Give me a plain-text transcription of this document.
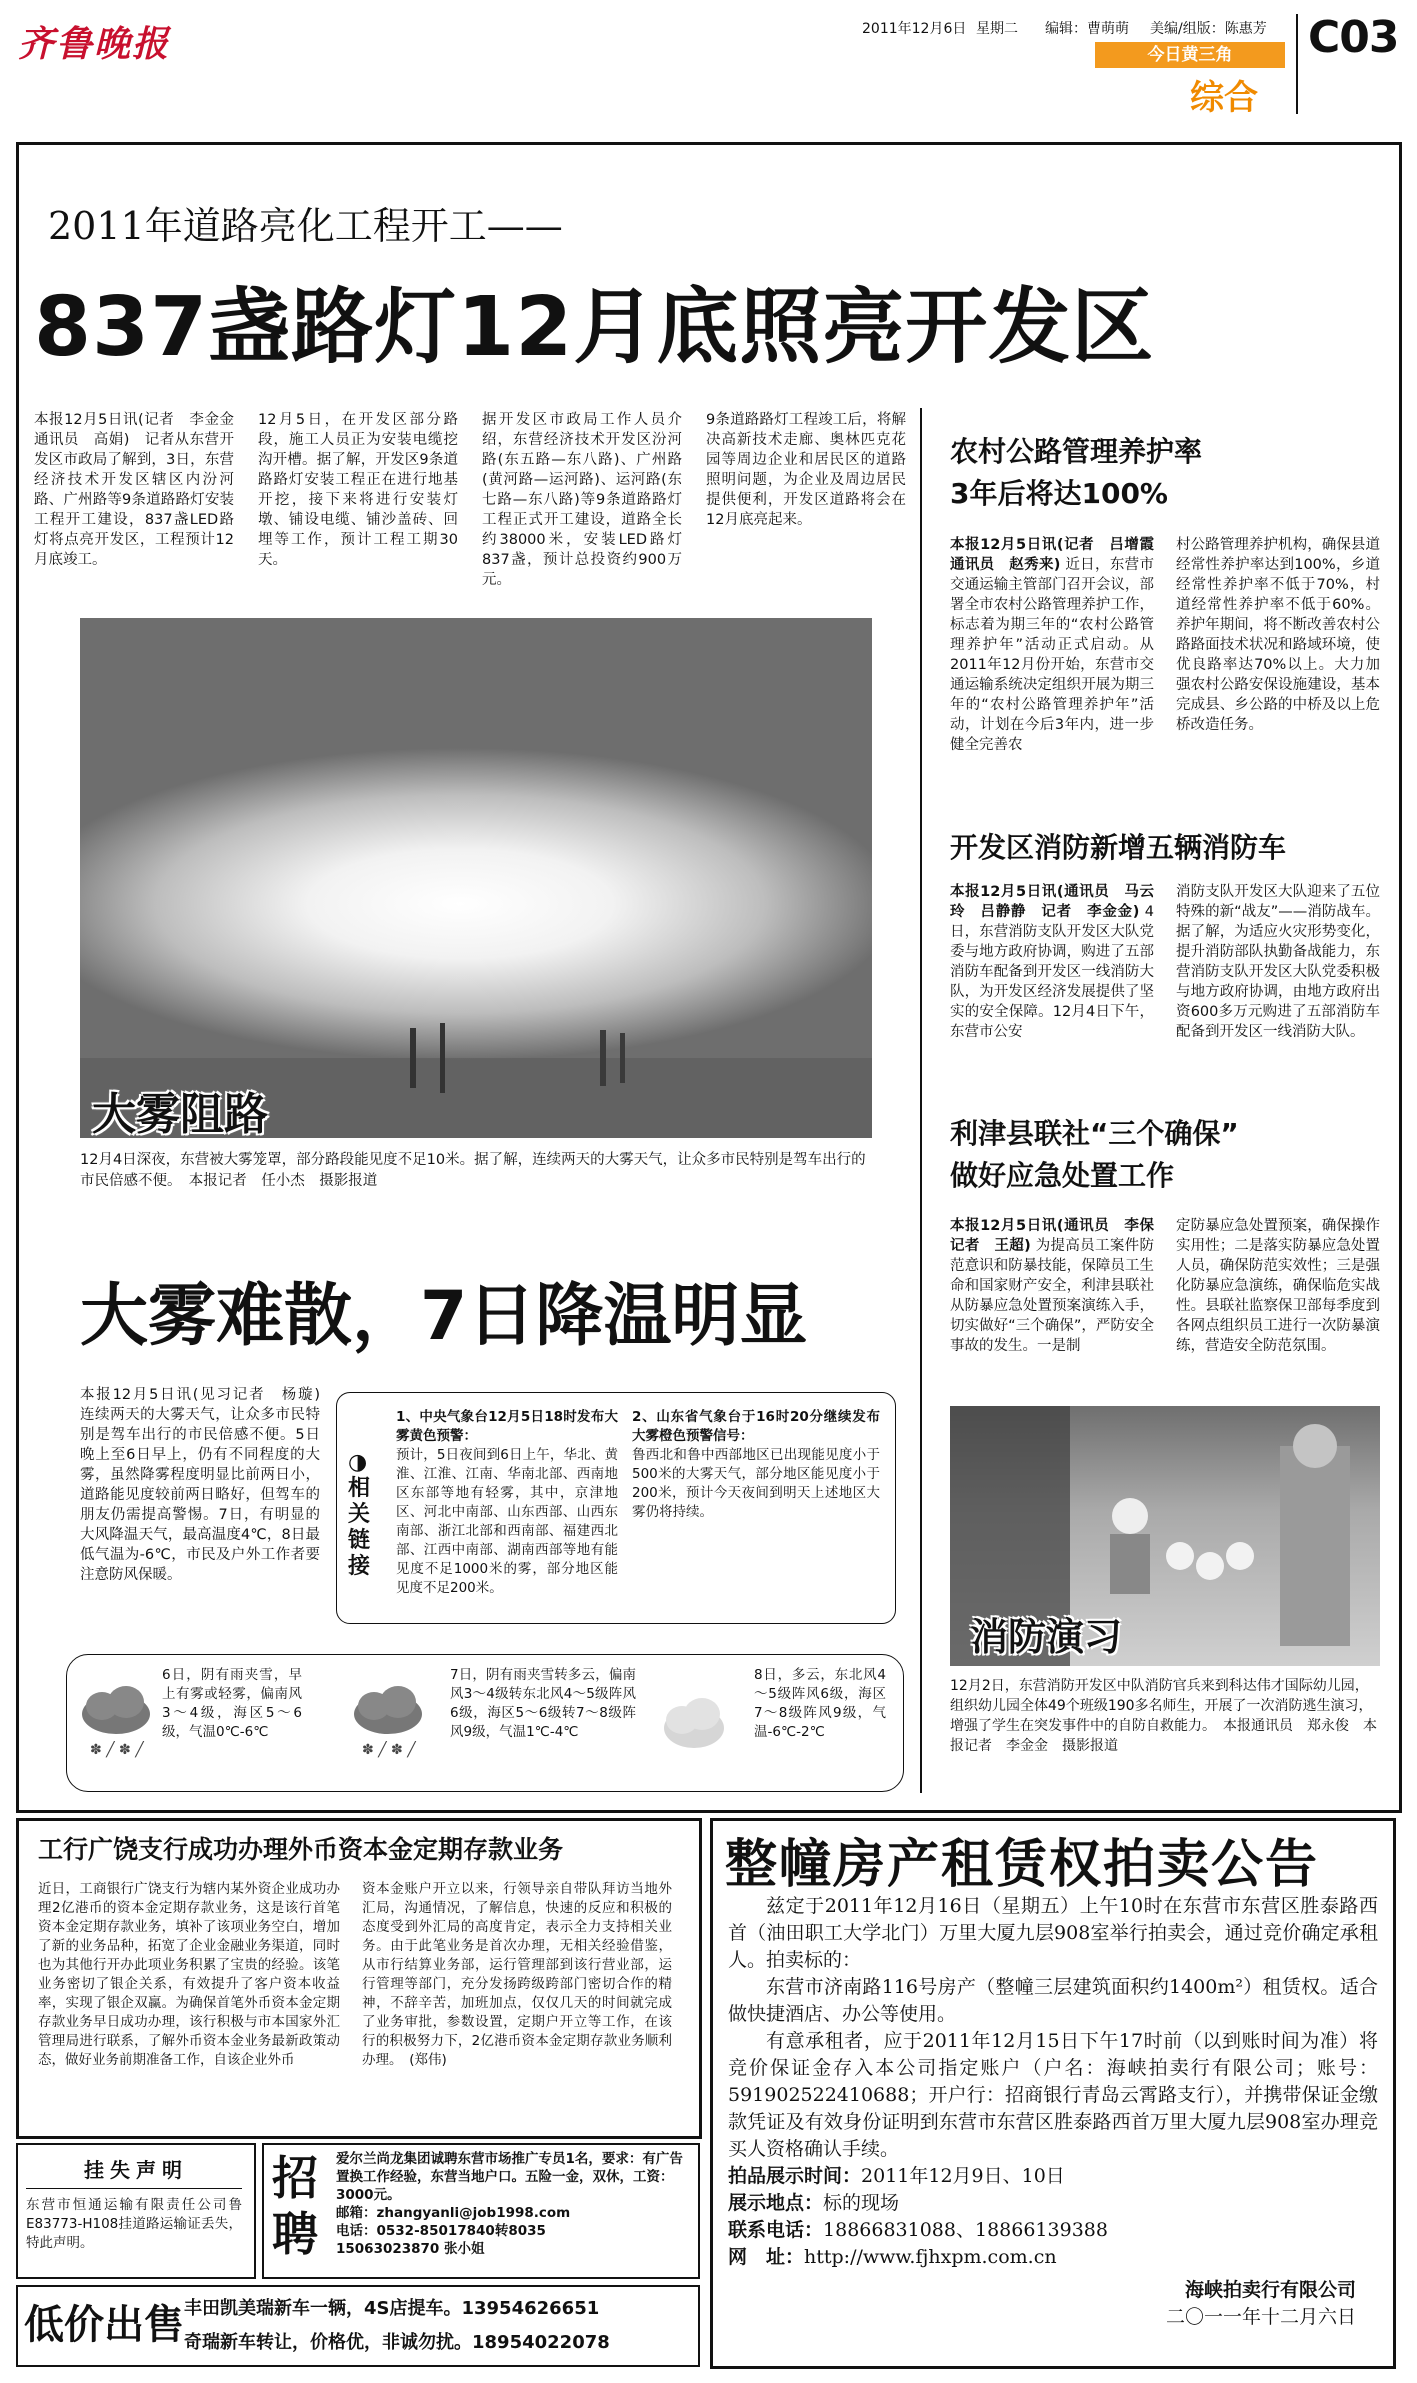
齐鲁晚报	2011年12月6日 星期二 编辑：曹萌萌 美编/组版：陈惠芳
今日黄三角
综合
C03
2011年道路亮化工程开工——
837盏路灯12月底照亮开发区
本报12月5日讯(记者　李金金　通讯员　高娟)　记者从东营开发区市政局了解到，3日，东营经济技术开发区辖区内汾河路、广州路等9条道路路灯安装工程开工建设，837盏LED路灯将点亮开发区，工程预计12月底竣工。
12月5日，在开发区部分路段，施工人员正为安装电缆挖沟开槽。据了解，开发区9条道路路灯安装工程正在进行地基开挖，接下来将进行安装灯墩、铺设电缆、铺沙盖砖、回埋等工作，预计工程工期30天。
据开发区市政局工作人员介绍，东营经济技术开发区汾河路(东五路—东八路)、广州路(黄河路—运河路)、运河路(东七路—东八路)等9条道路路灯工程正式开工建设，道路全长约38000米，安装LED路灯837盏，预计总投资约900万元。
9条道路路灯工程竣工后，将解决高新技术走廊、奥林匹克花园等周边企业和居民区的道路照明问题，为企业及周边居民提供便利，开发区道路将会在12月底亮起来。
大雾阻路
12月4日深夜，东营被大雾笼罩，部分路段能见度不足10米。据了解，连续两天的大雾天气，让众多市民特别是驾车出行的市民倍感不便。　本报记者　任小杰　摄影报道
大雾难散，7日降温明显
本报12月5日讯(见习记者　杨璇)　连续两天的大雾天气，让众多市民特别是驾车出行的市民倍感不便。5日晚上至6日早上，仍有不同程度的大雾，虽然降雾程度明显比前两日小，道路能见度较前两日略好，但驾车的朋友仍需提高警惕。7日，有明显的大风降温天气，最高温度4℃，8日最低气温为-6℃，市民及户外工作者要注意防风保暖。
◑
相关链接
1、中央气象台12月5日18时发布大雾黄色预警：
预计，5日夜间到6日上午，华北、黄淮、江淮、江南、华南北部、西南地区东部等地有轻雾，其中，京津地区、河北中南部、山东西部、山西东南部、浙江北部和西南部、福建西北部、江西中南部、湖南西部等地有能见度不足1000米的雾，部分地区能见度不足200米。
2、山东省气象台于16时20分继续发布大雾橙色预警信号：
鲁西北和鲁中西部地区已出现能见度小于500米的大雾天气，部分地区能见度小于200米，预计今天夜间到明天上述地区大雾仍将持续。
✽ ╱ ✽ ╱
6日，阴有雨夹雪，早上有雾或轻雾，偏南风3～4级，海区5～6级，气温0℃-6℃
✽ ╱ ✽ ╱
7日，阴有雨夹雪转多云，偏南风3～4级转东北风4～5级阵风6级，海区5～6级转7～8级阵风9级，气温1℃-4℃
8日，多云，东北风4～5级阵风6级，海区7～8级阵风9级，气温-6℃-2℃
农村公路管理养护率
3年后将达100%
本报12月5日讯(记者　吕增霞　通讯员　赵秀来) 近日，东营市交通运输主管部门召开会议，部署全市农村公路管理养护工作，标志着为期三年的“农村公路管理养护年”活动正式启动。从2011年12月份开始，东营市交通运输系统决定组织开展为期三年的“农村公路管理养护年”活动，计划在今后3年内，进一步健全完善农
村公路管理养护机构，确保县道经常性养护率达到100%，乡道经常性养护率不低于70%，村道经常性养护率不低于60%。养护年期间，将不断改善农村公路路面技术状况和路域环境，使优良路率达70%以上。大力加强农村公路安保设施建设，基本完成县、乡公路的中桥及以上危桥改造任务。
开发区消防新增五辆消防车
本报12月5日讯(通讯员　马云玲　吕静静　记者　李金金) 4日，东营消防支队开发区大队党委与地方政府协调，购进了五部消防车配备到开发区一线消防大队，为开发区经济发展提供了坚实的安全保障。12月4日下午，东营市公安
消防支队开发区大队迎来了五位特殊的新“战友”——消防战车。据了解，为适应火灾形势变化，提升消防部队执勤备战能力，东营消防支队开发区大队党委积极与地方政府协调，由地方政府出资600多万元购进了五部消防车配备到开发区一线消防大队。
利津县联社“三个确保”
做好应急处置工作
本报12月5日讯(通讯员　李保　记者　王超) 为提高员工案件防范意识和防暴技能，保障员工生命和国家财产安全，利津县联社从防暴应急处置预案演练入手，切实做好“三个确保”，严防安全事故的发生。一是制
定防暴应急处置预案，确保操作实用性；二是落实防暴应急处置人员，确保防范实效性；三是强化防暴应急演练，确保临危实战性。县联社监察保卫部每季度到各网点组织员工进行一次防暴演练，营造安全防范氛围。
消防演习
12月2日，东营消防开发区中队消防官兵来到科达伟才国际幼儿园，组织幼儿园全体49个班级190多名师生，开展了一次消防逃生演习，增强了学生在突发事件中的自防自救能力。　本报通讯员　郑永俊　本报记者　李金金　摄影报道
工行广饶支行成功办理外币资本金定期存款业务
近日，工商银行广饶支行为辖内某外资企业成功办理2亿港币的资本金定期存款业务，这是该行首笔资本金定期存款业务，填补了该项业务空白，增加了新的业务品种，拓宽了企业金融业务渠道，同时也为其他行开办此项业务积累了宝贵的经验。该笔业务密切了银企关系，有效提升了客户资本收益率，实现了银企双赢。为确保首笔外币资本金定期存款业务早日成功办理，该行积极与市本国家外汇管理局进行联系，了解外币资本金业务最新政策动态，做好业务前期准备工作，自该企业外币
资本金账户开立以来，行领导亲自带队拜访当地外汇局，沟通情况，了解信息，快速的反应和积极的态度受到外汇局的高度肯定，表示全力支持相关业务。由于此笔业务是首次办理，无相关经验借鉴，从市行结算业务部，运行管理部到该行营业部，运行管理等部门，充分发扬跨级跨部门密切合作的精神，不辞辛苦，加班加点，仅仅几天的时间就完成了业务审批，参数设置，定期户开立等工作，在该行的积极努力下，2亿港币资本金定期存款业务顺利办理。　(郑伟)
整幢房产租赁权拍卖公告
兹定于2011年12月16日（星期五）上午10时在东营市东营区胜泰路西首（油田职工大学北门）万里大厦九层908室举行拍卖会，通过竞价确定承租人。拍卖标的：
东营市济南路116号房产（整幢三层建筑面积约1400m²）租赁权。适合做快捷酒店、办公等使用。
有意承租者，应于2011年12月15日下午17时前（以到账时间为准）将竞价保证金存入本公司指定账户（户名：海峡拍卖行有限公司；账号：591902522410688；开户行：招商银行青岛云霄路支行），并携带保证金缴款凭证及有效身份证明到东营市东营区胜泰路西首万里大厦九层908室办理竞买人资格确认手续。
拍品展示时间：2011年12月9日、10日
展示地点：标的现场
联系电话：18866831088、18866139388
网　址：http://www.fjhxpm.com.cn
海峡拍卖行有限公司
二〇一一年十二月六日
挂失声明
东营市恒通运输有限责任公司鲁E83773-H108挂道路运输证丢失，特此声明。
招聘
爱尔兰尚龙集团诚聘东营市场推广专员1名，要求：有广告置换工作经验，东营当地户口。五险一金，双休，工资：3000元。
邮箱：zhangyanli@job1998.com
电话：0532-85017840转8035
15063023870 张小姐
低价出售 丰田凯美瑞新车一辆，4S店提车。13954626651
奇瑞新车转让，价格优，非诚勿扰。18954022078
